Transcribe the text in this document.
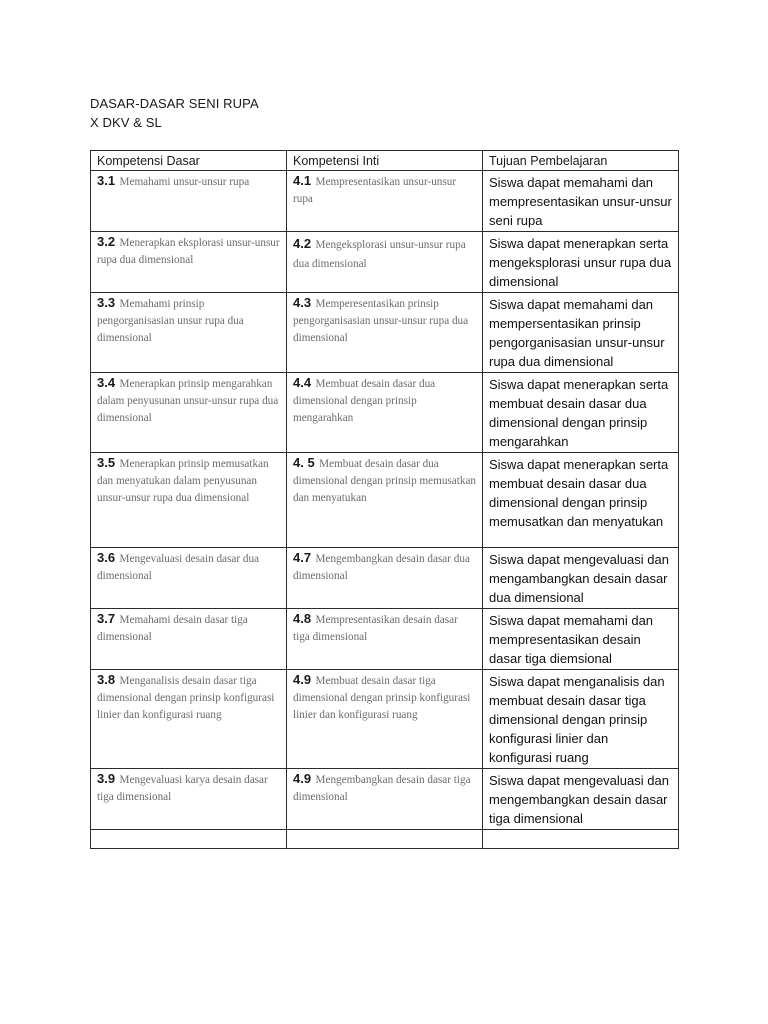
DASAR-DASAR SENI RUPA
X DKV & SL
Kompetensi Dasar	Kompetensi Inti	Tujuan Pembelajaran
3.1 Memahami unsur-unsur rupa	4.1 Mempresentasikan unsur-unsur rupa	Siswa dapat memahami dan mempresentasikan unsur-unsur seni rupa
3.2 Menerapkan eksplorasi unsur-unsur rupa dua dimensional	4.2 Mengeksplorasi unsur-unsur rupa dua dimensional	Siswa dapat menerapkan serta mengeksplorasi unsur rupa dua dimensional
3.3 Memahami prinsip pengorganisasian unsur rupa dua dimensional	4.3 Memperesentasikan prinsip pengorganisasian unsur-unsur rupa dua dimensional	Siswa dapat memahami dan mempersentasikan prinsip pengorganisasian unsur-unsur rupa dua dimensional
3.4 Menerapkan prinsip mengarahkan dalam penyusunan unsur-unsur rupa dua dimensional	4.4 Membuat desain dasar dua dimensional dengan prinsip mengarahkan	Siswa dapat menerapkan serta membuat desain dasar dua dimensional dengan prinsip mengarahkan
3.5 Menerapkan prinsip memusatkan dan menyatukan dalam penyusunan unsur-unsur rupa dua dimensional	4. 5 Membuat desain dasar dua dimensional dengan prinsip memusatkan dan menyatukan	Siswa dapat menerapkan serta membuat desain dasar dua dimensional dengan prinsip memusatkan dan menyatukan
3.6 Mengevaluasi desain dasar dua dimensional	4.7 Mengembangkan desain dasar dua dimensional	Siswa dapat mengevaluasi dan mengambangkan desain dasar dua dimensional
3.7 Memahami desain dasar tiga dimensional	4.8 Mempresentasikan desain dasar tiga dimensional	Siswa dapat memahami dan mempresentasikan desain dasar tiga diemsional
3.8 Menganalisis desain dasar tiga dimensional dengan prinsip konfigurasi linier dan konfigurasi ruang	4.9 Membuat desain dasar tiga dimensional dengan prinsip konfigurasi linier dan konfigurasi ruang	Siswa dapat menganalisis dan membuat desain dasar tiga dimensional dengan prinsip konfigurasi linier dan konfigurasi ruang
3.9 Mengevaluasi karya desain dasar tiga dimensional	4.9 Mengembangkan desain dasar tiga dimensional	Siswa dapat mengevaluasi dan mengembangkan desain dasar tiga dimensional
